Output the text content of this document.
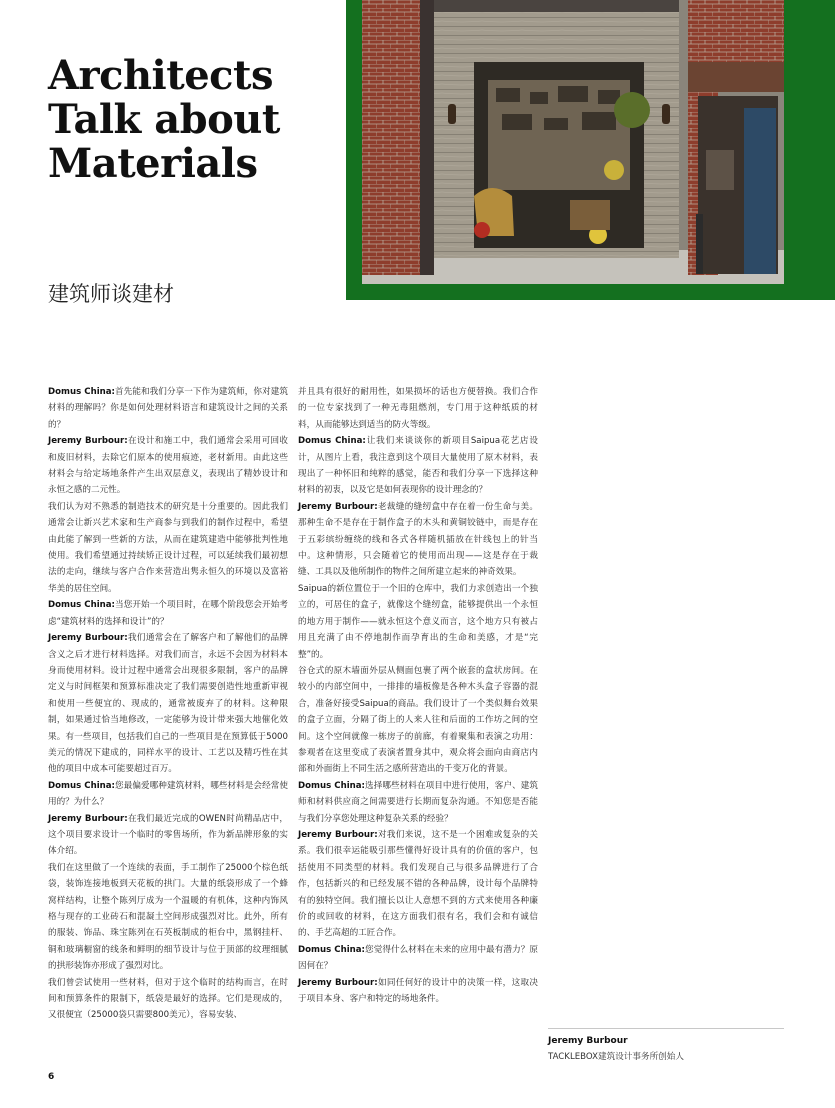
Architects
Talk about
Materials
建筑师谈建材

Domus China:首先能和我们分享一下作为建筑师，你对建筑材料的理解吗？你是如何处理材料语言和建筑设计之间的关系的？

Jeremy Burbour:在设计和施工中，我们通常会采用可回收和废旧材料，去除它们原本的使用痕迹，老材新用。由此这些材料会与给定场地条件产生出双层意义，表现出了精妙设计和永恒之感的二元性。

我们认为对不熟悉的制造技术的研究是十分重要的。因此我们通常会让新兴艺术家和生产商参与到我们的制作过程中，希望由此能了解到一些新的方法，从而在建筑建造中能够批判性地使用。我们希望通过持续矫正设计过程，可以延续我们最初想法的走向，继续与客户合作来营造出隽永恒久的环境以及富裕华美的居住空间。

Domus China:当您开始一个项目时，在哪个阶段您会开始考虑“建筑材料的选择和设计”的？

Jeremy Burbour:我们通常会在了解客户和了解他们的品牌含义之后才进行材料选择。对我们而言，永远不会因为材料本身而使用材料。设计过程中通常会出现很多限制，客户的品牌定义与时间框架和预算标准决定了我们需要创造性地重新审视和使用一些便宜的、现成的，通常被废弃了的材料。这种限制，如果通过恰当地修改，一定能够为设计带来强大地催化效果。有一些项目，包括我们自己的一些项目是在预算低于5000美元的情况下建成的，同样水平的设计、工艺以及精巧性在其他的项目中成本可能要超过百万。

Domus China:您最偏爱哪种建筑材料，哪些材料是会经常使用的？为什么？

Jeremy Burbour:在我们最近完成的OWEN时尚精品店中，这个项目要求设计一个临时的零售场所，作为新品牌形象的实体介绍。

我们在这里做了一个连续的表面，手工制作了25000个棕色纸袋，装饰连接地板到天花板的拱门。大量的纸袋形成了一个蜂窝样结构，让整个陈列厅成为一个温暖的有机体，这种内饰风格与现存的工业砖石和混凝土空间形成强烈对比。此外，所有的服装、饰品、珠宝陈列在石英板制成的柜台中，黑钢挂杆、铜和玻璃橱窗的线条和鲜明的细节设计与位于顶部的纹理细腻的拱形装饰亦形成了强烈对比。

我们曾尝试使用一些材料，但对于这个临时的结构而言，在时间和预算条件的限制下，纸袋是最好的选择。它们是现成的，又很便宜（25000袋只需要800美元），容易安装、

并且具有很好的耐用性，如果损坏的话也方便替换。我们合作的一位专家找到了一种无毒阻燃剂，专门用于这种纸质的材料，从而能够达到适当的防火等级。

Domus China:让我们来谈谈你的新项目Saipua花艺店设计，从图片上看，我注意到这个项目大量使用了原木材料，表现出了一种怀旧和纯粹的感觉，能否和我们分享一下选择这种材料的初衷，以及它是如何表现你的设计理念的？

Jeremy Burbour:老裁缝的缝纫盒中存在着一份生命与美。那种生命不是存在于制作盒子的木头和黄铜铰链中，而是存在于五彩缤纷缠绕的线和各式各样随机插放在针线包上的针当中。这种情形，只会随着它的使用而出现——这是存在于裁缝、工具以及他所制作的物件之间所建立起来的神奇效果。

Saipua的新位置位于一个旧的仓库中，我们力求创造出一个独立的，可居住的盒子，就像这个缝纫盒，能够提供出一个永恒的地方用于制作——就永恒这个意义而言，这个地方只有被占用且充满了由不停地制作而孕育出的生命和美感，才是“完整”的。

谷仓式的原木墙面外层从侧面包裹了两个嵌套的盒状房间。在较小的内部空间中，一排排的墙板像是各种木头盒子容器的混合，准备好接受Saipua的商品。我们设计了一个类似舞台效果的盒子立面，分隔了街上的人来人往和后面的工作坊之间的空间。这个空间就像一栋房子的前廊，有着聚集和表演之功用：参观者在这里变成了表演者置身其中，观众将会面向由商店内部和外面街上不同生活之感所营造出的千变万化的背景。

Domus China:选择哪些材料在项目中进行使用，客户、建筑师和材料供应商之间需要进行长期而复杂沟通。不知您是否能与我们分享您处理这种复杂关系的经验？

Jeremy Burbour:对我们来说，这不是一个困难或复杂的关系。我们很幸运能吸引那些懂得好设计具有的价值的客户，包括使用不同类型的材料。我们发现自己与很多品牌进行了合作，包括新兴的和已经发展不错的各种品牌，设计每个品牌特有的独特空间。我们擅长以让人意想不到的方式来使用各种廉价的或回收的材料，在这方面我们很有名，我们会和有诚信的、手艺高超的工匠合作。

Domus China:您觉得什么材料在未来的应用中最有潜力？原因何在？

Jeremy Burbour:如同任何好的设计中的决策一样，这取决于项目本身、客户和特定的场地条件。

Jeremy Burbour
TACKLEBOX建筑设计事务所创始人
6
